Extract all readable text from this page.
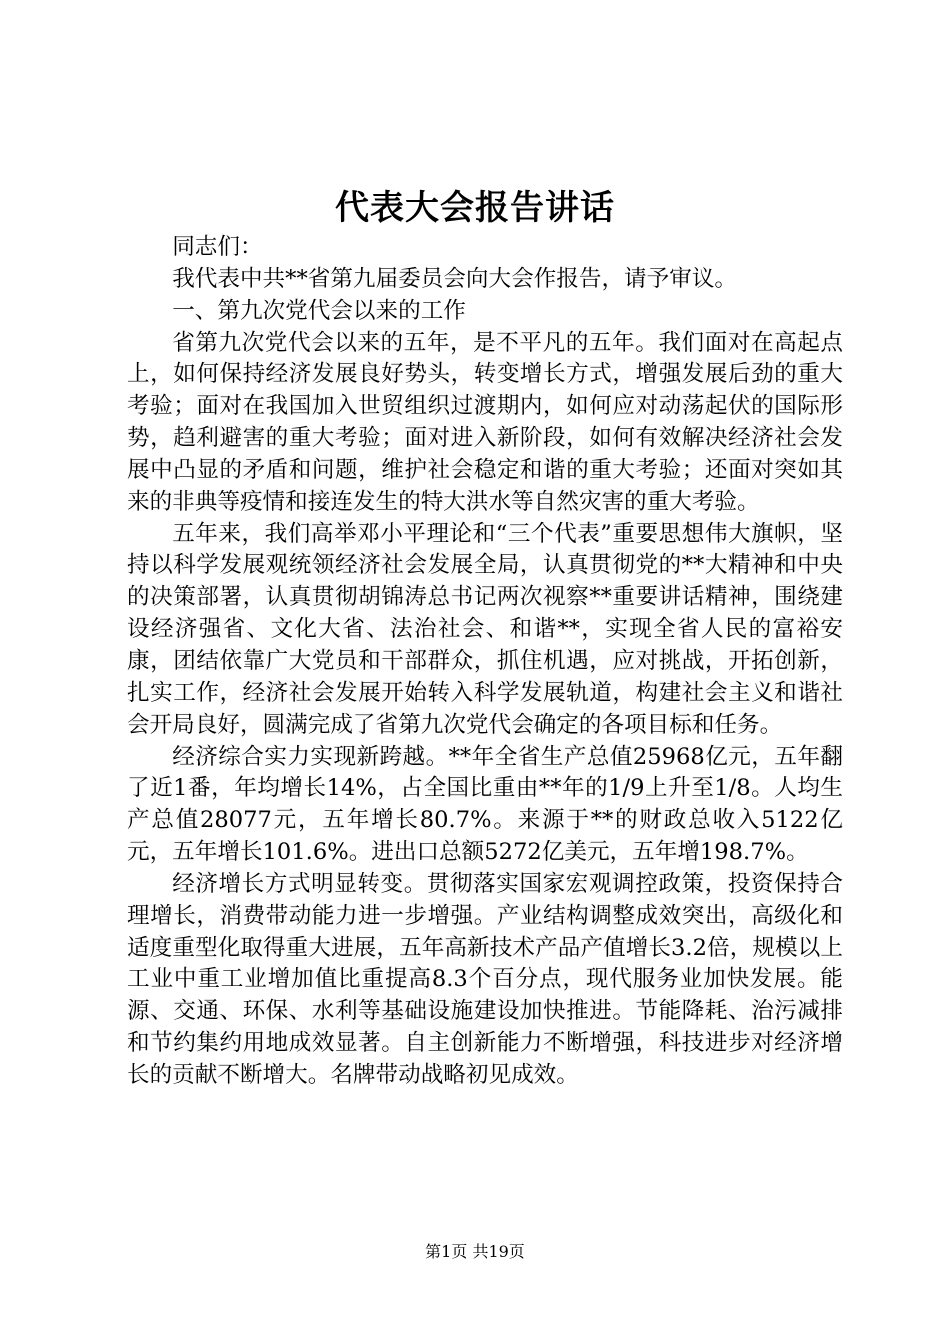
代表大会报告讲话

同志们：

我代表中共**省第九届委员会向大会作报告，请予审议。

一、第九次党代会以来的工作

省第九次党代会以来的五年，是不平凡的五年。我们面对在高起点上，如何保持经济发展良好势头，转变增长方式，增强发展后劲的重大考验；面对在我国加入世贸组织过渡期内，如何应对动荡起伏的国际形势，趋利避害的重大考验；面对进入新阶段，如何有效解决经济社会发展中凸显的矛盾和问题，维护社会稳定和谐的重大考验；还面对突如其来的非典等疫情和接连发生的特大洪水等自然灾害的重大考验。

五年来，我们高举邓小平理论和“三个代表”重要思想伟大旗帜，坚持以科学发展观统领经济社会发展全局，认真贯彻党的**大精神和中央的决策部署，认真贯彻胡锦涛总书记两次视察**重要讲话精神，围绕建设经济强省、文化大省、法治社会、和谐**，实现全省人民的富裕安康，团结依靠广大党员和干部群众，抓住机遇，应对挑战，开拓创新，扎实工作，经济社会发展开始转入科学发展轨道，构建社会主义和谐社会开局良好，圆满完成了省第九次党代会确定的各项目标和任务。

经济综合实力实现新跨越。**年全省生产总值25968亿元，五年翻了近1番，年均增长14%，占全国比重由**年的1/9上升至1/8。人均生产总值28077元，五年增长80.7%。来源于**的财政总收入5122亿元，五年增长101.6%。进出口总额5272亿美元，五年增198.7%。

经济增长方式明显转变。贯彻落实国家宏观调控政策，投资保持合理增长，消费带动能力进一步增强。产业结构调整成效突出，高级化和适度重型化取得重大进展，五年高新技术产品产值增长3.2倍，规模以上工业中重工业增加值比重提高8.3个百分点，现代服务业加快发展。能源、交通、环保、水利等基础设施建设加快推进。节能降耗、治污减排和节约集约用地成效显著。自主创新能力不断增强，科技进步对经济增长的贡献不断增大。名牌带动战略初见成效。

第1页 共19页
